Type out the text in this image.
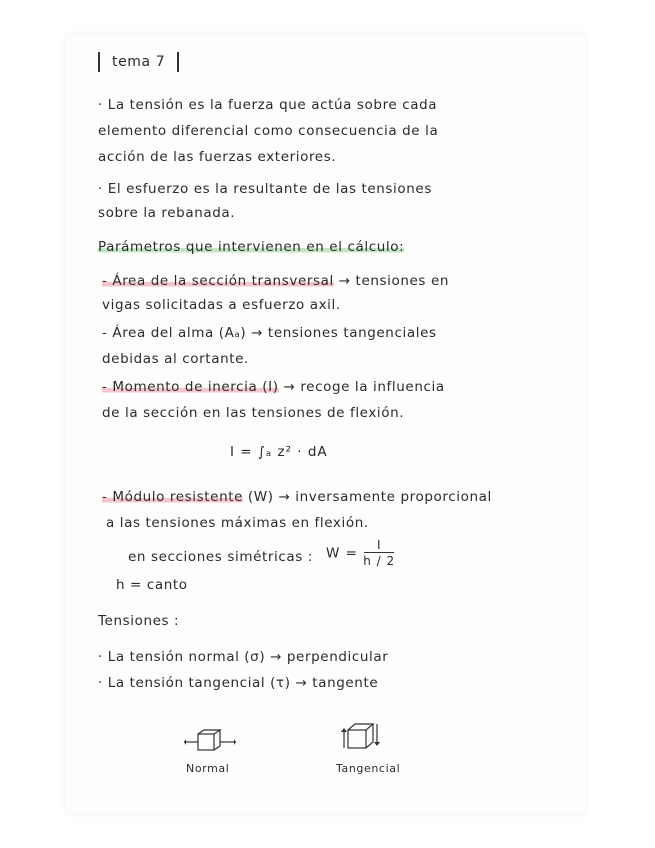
tema 7
· La tensión es la fuerza que actúa sobre cada
elemento diferencial como consecuencia de la
acción de las fuerzas exteriores.
· El esfuerzo es la resultante de las tensiones
sobre la rebanada.
Parámetros que intervienen en el cálculo:
- Área de la sección transversal → tensiones en
vigas solicitadas a esfuerzo axil.
- Área del alma (Aₐ) → tensiones tangenciales
debidas al cortante.
- Momento de inercia (I) → recoge la influencia
de la sección en las tensiones de flexión.
I = ∫ₐ z² · dA
- Módulo resistente (W) → inversamente proporcional
a las tensiones máximas en flexión.
en secciones simétricas : $W = \frac{I}{h / 2}$
h = canto
Tensiones :
· La tensión normal (σ) → perpendicular
· La tensión tangencial (τ) → tangente
Normal	Tangencial
